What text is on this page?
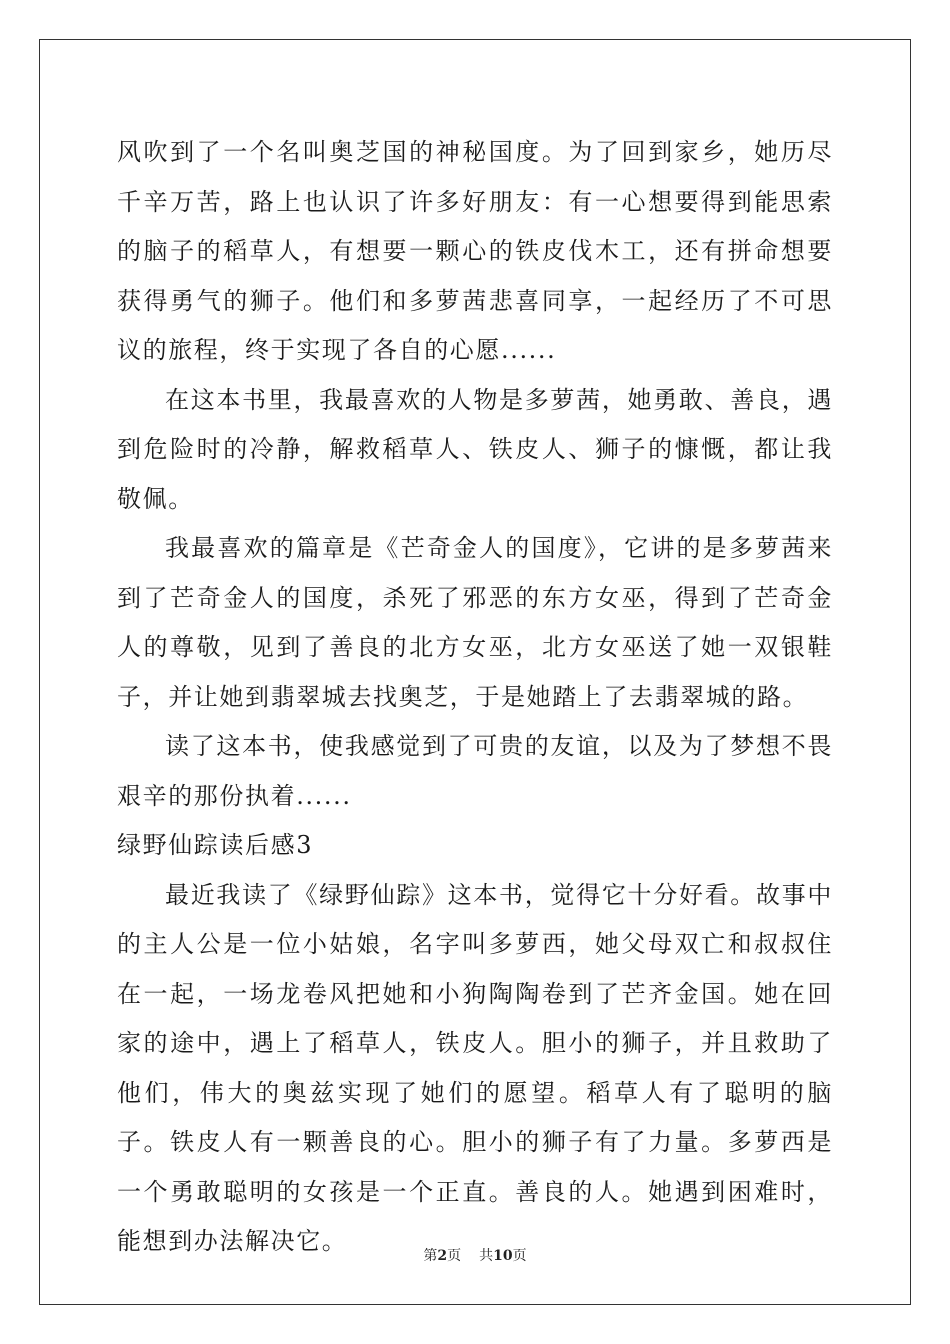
风吹到了一个名叫奥芝国的神秘国度。为了回到家乡，她历尽千辛万苦，路上也认识了许多好朋友：有一心想要得到能思索的脑子的稻草人，有想要一颗心的铁皮伐木工，还有拼命想要获得勇气的狮子。他们和多萝茜悲喜同享，一起经历了不可思议的旅程，终于实现了各自的心愿......

在这本书里，我最喜欢的人物是多萝茜，她勇敢、善良，遇到危险时的冷静，解救稻草人、铁皮人、狮子的慷慨，都让我敬佩。

我最喜欢的篇章是《芒奇金人的国度》，它讲的是多萝茜来到了芒奇金人的国度，杀死了邪恶的东方女巫，得到了芒奇金人的尊敬，见到了善良的北方女巫，北方女巫送了她一双银鞋子，并让她到翡翠城去找奥芝，于是她踏上了去翡翠城的路。

读了这本书，使我感觉到了可贵的友谊，以及为了梦想不畏艰辛的那份执着......

绿野仙踪读后感3

最近我读了《绿野仙踪》这本书，觉得它十分好看。故事中的主人公是一位小姑娘，名字叫多萝西，她父母双亡和叔叔住在一起，一场龙卷风把她和小狗陶陶卷到了芒齐金国。她在回家的途中，遇上了稻草人，铁皮人。胆小的狮子，并且救助了他们，伟大的奥兹实现了她们的愿望。稻草人有了聪明的脑子。铁皮人有一颗善良的心。胆小的狮子有了力量。多萝西是一个勇敢聪明的女孩是一个正直。善良的人。她遇到困难时，能想到办法解决它。

第2页 共10页
